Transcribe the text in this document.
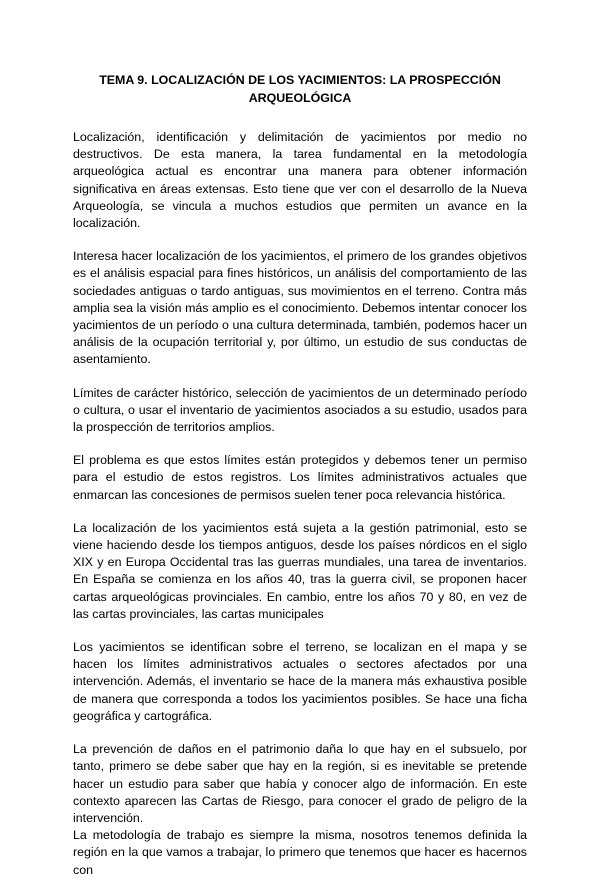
TEMA 9. LOCALIZACIÓN DE LOS YACIMIENTOS: LA PROSPECCIÓN ARQUEOLÓGICA

Localización, identificación y delimitación de yacimientos por medio no destructivos. De esta manera, la tarea fundamental en la metodología arqueológica actual es encontrar una manera para obtener información significativa en áreas extensas. Esto tiene que ver con el desarrollo de la Nueva Arqueología, se vincula a muchos estudios que permiten un avance en la localización.

Interesa hacer localización de los yacimientos, el primero de los grandes objetivos es el análisis espacial para fines históricos, un análisis del comportamiento de las sociedades antiguas o tardo antiguas, sus movimientos en el terreno. Contra más amplia sea la visión más amplio es el conocimiento. Debemos intentar conocer los yacimientos de un período o una cultura determinada, también, podemos hacer un análisis de la ocupación territorial y, por último, un estudio de sus conductas de asentamiento.

Límites de carácter histórico, selección de yacimientos de un determinado período o cultura, o usar el inventario de yacimientos asociados a su estudio, usados para la prospección de territorios amplios.

El problema es que estos límites están protegidos y debemos tener un permiso para el estudio de estos registros. Los límites administrativos actuales que enmarcan las concesiones de permisos suelen tener poca relevancia histórica.

La localización de los yacimientos está sujeta a la gestión patrimonial, esto se viene haciendo desde los tiempos antiguos, desde los países nórdicos en el siglo XIX y en Europa Occidental tras las guerras mundiales, una tarea de inventarios. En España se comienza en los años 40, tras la guerra civil, se proponen hacer cartas arqueológicas provinciales. En cambio, entre los años 70 y 80, en vez de las cartas provinciales, las cartas municipales

Los yacimientos se identifican sobre el terreno, se localizan en el mapa y se hacen los límites administrativos actuales o sectores afectados por una intervención. Además, el inventario se hace de la manera más exhaustiva posible de manera que corresponda a todos los yacimientos posibles. Se hace una ficha geográfica y cartográfica.

La prevención de daños en el patrimonio daña lo que hay en el subsuelo, por tanto, primero se debe saber que hay en la región, si es inevitable se pretende hacer un estudio para saber que había y conocer algo de información. En este contexto aparecen las Cartas de Riesgo, para conocer el grado de peligro de la intervención.

La metodología de trabajo es siempre la misma, nosotros tenemos definida la región en la que vamos a trabajar, lo primero que tenemos que hacer es hacernos con
